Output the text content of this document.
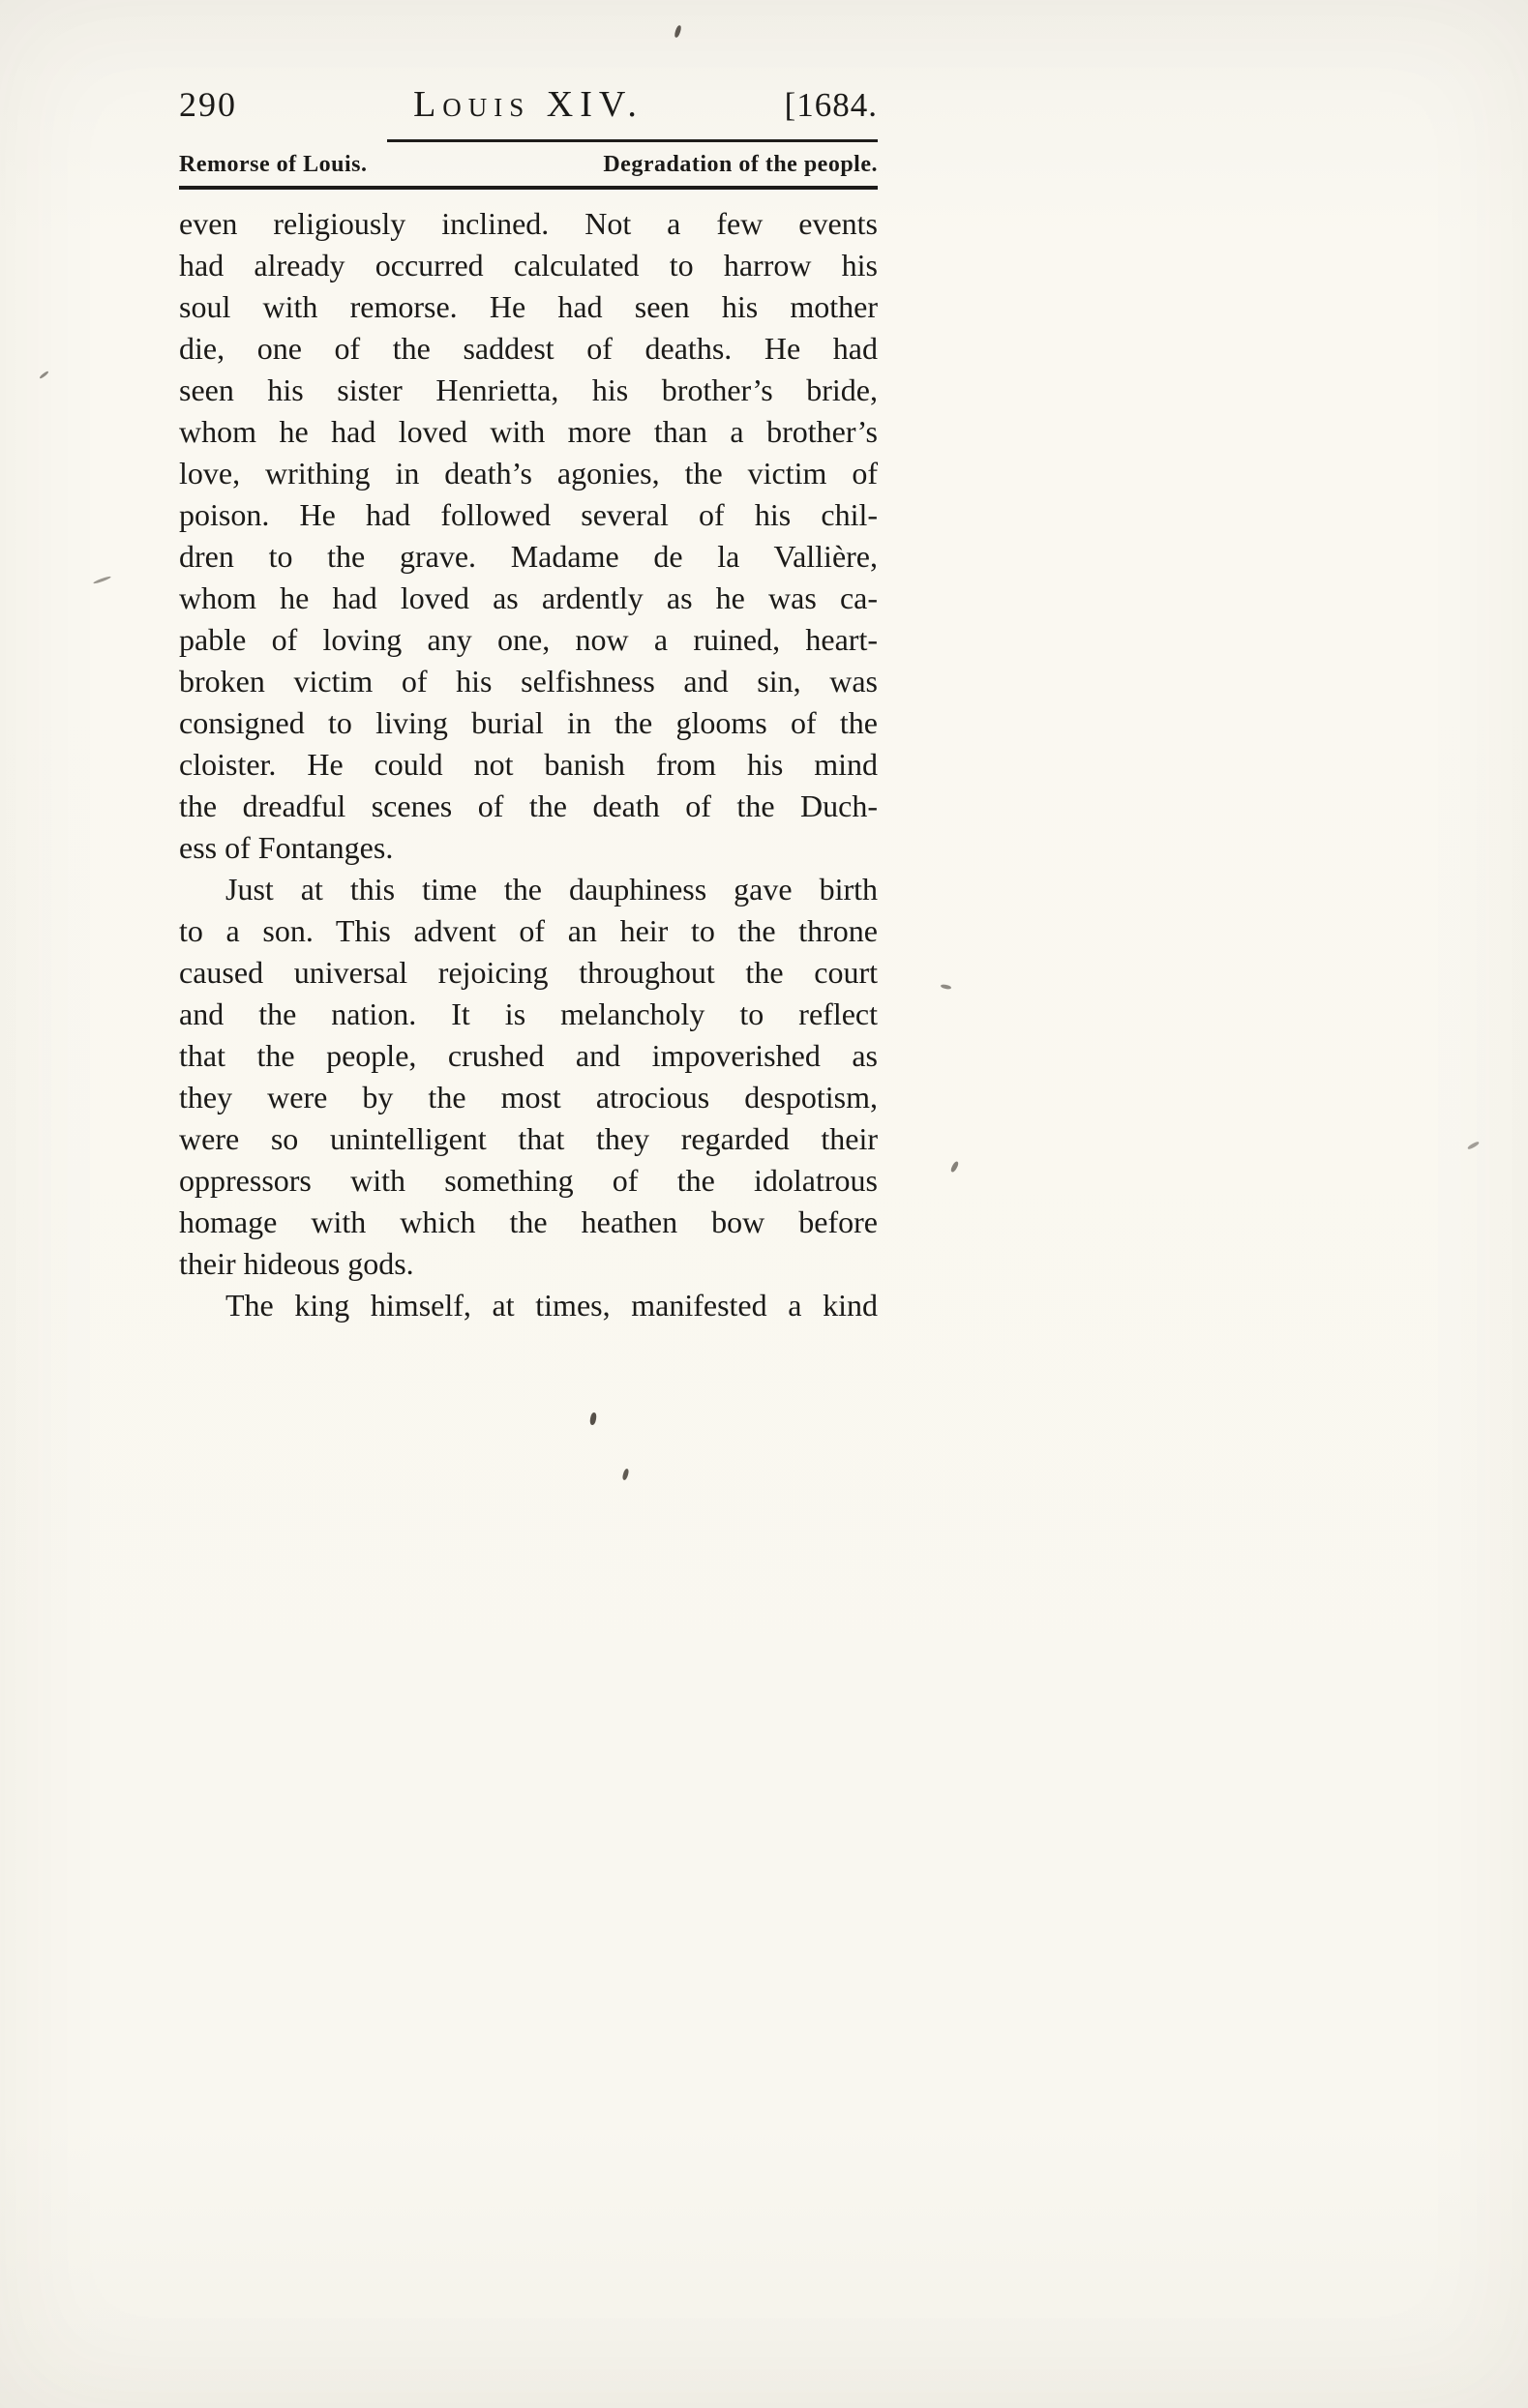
290	Louis XIV.	[1684.
Remorse of Louis.	Degradation of the people.
even religiously inclined. Not a few events
had already occurred calculated to harrow his
soul with remorse. He had seen his mother
die, one of the saddest of deaths. He had
seen his sister Henrietta, his brother’s bride,
whom he had loved with more than a brother’s
love, writhing in death’s agonies, the victim of
poison. He had followed several of his chil-
dren to the grave. Madame de la Vallière,
whom he had loved as ardently as he was ca-
pable of loving any one, now a ruined, heart-
broken victim of his selfishness and sin, was
consigned to living burial in the glooms of the
cloister. He could not banish from his mind
the dreadful scenes of the death of the Duch-
ess of Fontanges.
Just at this time the dauphiness gave birth
to a son. This advent of an heir to the throne
caused universal rejoicing throughout the court
and the nation. It is melancholy to reflect
that the people, crushed and impoverished as
they were by the most atrocious despotism,
were so unintelligent that they regarded their
oppressors with something of the idolatrous
homage with which the heathen bow before
their hideous gods.
The king himself, at times, manifested a kind
